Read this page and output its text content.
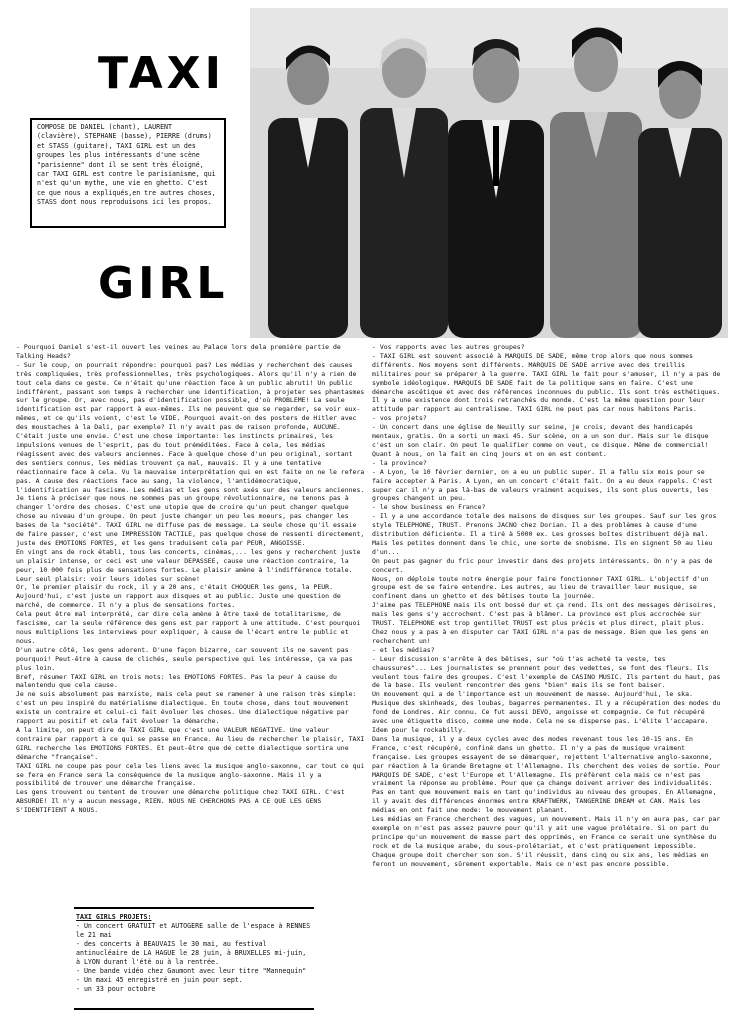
TAXI
GIRL

COMPOSE DE DANIEL (chant), LAURENT (clavière), STEPHANE (basse), PIERRE (drums) et STASS (guitare), TAXI GIRL est un des groupes les plus intéressants d'une scène "parisienne" dont il se sent très éloigné, car TAXI GIRL est contre le parisianisme, qui n'est qu'un mythe, une vie en ghetto. C'est ce que nous a expliqués,en tre autres choses, STASS dont nous reproduisons ici les propos.

- Pourquoi Daniel s'est-il ouvert les veines au Palace lors dela première partie de Talking Heads?

- Sur le coup, on pourrait répondre: pourquoi pas? Les médias y recherchent des causes très compliquées, très professionnelles, très psychologiques. Alors qu'il n'y a rien de tout cela dans ce geste. Ce n'était qu'une réaction face à un public abruti! Un public indifférent, passant son temps à rechercher une identification, à projeter ses phantasmes sur le groupe. Or, avec nous, pas d'identification possible, d'où PROBLEME! La seule identification est par rapport à eux-mêmes. Ils ne peuvent que se regarder, se voir eux-mêmes, et ce qu'ils voient, c'est le VIDE. Pourquoi avait-on des posters de Hitler avec des moustaches à la Dali, par exemple? Il n'y avait pas de raison profonde, AUCUNE. C'était juste une envie. C'est une chose importante: les instincts primaires, les impulsions venues de l'esprit, pas du tout préméditées. Face à cela, les médias réagissent avec des valeurs anciennes. Face à quelque chose d'un peu original, sortant des sentiers connus, les médias trouvent ça mal, mauvais. Il y a une tentative réactionnaire face à cela. Vu la mauvaise interprétation qui en est faite on ne le refera pas. A cause des réactions face au sang, la violence, l'antidémocratique, l'identification au fascisme. Les médias et les gens sont axés sur des valeurs anciennes.

Je tiens à préciser que nous ne sommes pas un groupe révolutionnaire, ne tenons pas à changer l'ordre des choses. C'est une utopie que de croire qu'un peut changer quelque chose au niveau d'un groupe. On peut juste changer un peu les moeurs, pas changer les bases de la "société". TAXI GIRL ne diffuse pas de message. La seule chose qu'il essaie de faire passer, c'est une IMPRESSION TACTILE, pas quelque chose de ressenti directement, juste des EMOTIONS FORTES, et les gens traduisent cela par PEUR, ANGOISSE.

En vingt ans de rock établi, tous les concerts, cinémas,... les gens y recherchent juste un plaisir intense, or ceci est une valeur DEPASSEE, cause une réaction contraire, la peur, 10 000 fois plus de sensations fortes. Le plaisir amène à l'indifférence totale. Leur seul plaisir: voir leurs idoles sur scène!

Or, le premier plaisir du rock, il y a 20 ans, c'était CHOQUER les gens, la PEUR. Aujourd'hui, c'est juste un rapport aux disques et au public. Juste une question de marché, de commerce. Il n'y a plus de sensations fortes.

Cela peut être mal interprété, car dire cela amène à être taxé de totalitarisme, de fascisme, car la seule référence des gens est par rapport à une attitude. C'est pourquoi nous multiplions les interviews pour expliquer, à cause de l'écart entre le public et nous.

D'un autre côté, les gens adorent. D'une façon bizarre, car souvent ils ne savent pas pourquoi! Peut-être à cause de clichés, seule perspective qui les intéresse, ça va pas plus loin.

Bref, résumer TAXI GIRL en trois mots: les EMOTIONS FORTES. Pas la peur à cause du malentendu que cela cause.

Je ne suis absolument pas marxiste, mais cela peut se ramener à une raison très simple: c'est un peu inspiré du matérialisme dialectique. En toute chose, dans tout mouvement existe un contraire et celui-ci fait évoluer les choses. Une dialectique négative par rapport au positif et cela fait évoluer la démarche.

A la limite, on peut dire de TAXI GIRL que c'est une VALEUR NEGATIVE. Une valeur contraire par rapport à ce qui se passe en France. Au lieu de rechercher le plaisir, TAXI GIRL recherche les EMOTIONS FORTES. Et peut-être que de cette dialectique sortira une démarche "française".

TAXI GIRL ne coupe pas pour cela les liens avec la musique anglo-saxonne, car tout ce qui se fera en France sera la conséquence de la musique anglo-saxonne. Mais il y a possibilité de trouver une démarche française.

Les gens trouvent ou tentent de trouver une démarche politique chez TAXI GIRL. C'est ABSURDE! Il n'y a aucun message, RIEN. NOUS NE CHERCHONS PAS A CE QUE LES GENS S'IDENTIFIENT A NOUS.

- Vos rapports avec les autres groupes?

- TAXI GIRL est souvent associé à MARQUIS DE SADE, même trop alors que nous sommes différents. Nos moyens sont différents. MARQUIS DE SADE arrive avec des treillis militaires pour se préparer à la guerre. TAXI GIRL le fait pour s'amuser, il n'y a pas de symbole idéologique. MARQUIS DE SADE fait de la politique sans en faire. C'est une démarche ascétique et avec des références inconnues du public. Ils sont très esthétiques. Il y a une existence dont trois retranchés du monde. C'est la même question pour leur attitude par rapport au centralisme. TAXI GIRL ne peut pas car nous habitons Paris.

- vos projets?

- Un concert dans une église de Neuilly sur seine, je crois, devant des handicapés mentaux, gratis. On a sorti un maxi 45. Sur scène, on a un son dur. Mais sur le disque c'est un son clair. On peut le qualifier comme on veut, ce disque. Même de commercial! Quant à nous, on la fait en cinq jours et on en est content.

- la province?

- A Lyon, le 10 février dernier, on a eu un public super. Il a fallu six mois pour se faire accepter à Paris. A Lyon, en un concert c'était fait. On a eu deux rappels. C'est super car il n'y a pas là-bas de valeurs vraiment acquises, ils sont plus ouverts, les groupes changent un peu.

- le show business en France?

- Il y a une accordance totale des maisons de disques sur les groupes. Sauf sur les gros style TELEPHONE, TRUST. Prenons JACNO chez Dorian. Il a des problèmes à cause d'une distribution déficiente. Il a tiré à 5000 ex. Les grosses boîtes distribuent déjà mal. Mais les petites donnent dans le chic, une sorte de snobisme. Ils en signent 50 au lieu d'un...

On peut pas gagner du fric pour investir dans des projets intéressants. On n'y a pas de concert.

Nous, on déploie toute notre énergie pour faire fonctionner TAXI GIRL. L'objectif d'un groupe est de se faire entendre. Les autres, au lieu de travailler leur musique, se confinent dans un ghetto et des bêtises toute la journée.

J'aime pas TELEPHONE mais ils ont bossé dur et ça rend. Ils ont des messages dérisoires, mais les gens s'y accrochent. C'est pas à blâmer. La province est plus accrochée sur TRUST. TELEPHONE est trop gentillet TRUST est plus précis et plus direct, plait plus. Chez nous y a pas à en disputer car TAXI GIRL n'a pas de message. Bien que les gens en recherchent un!

- et les médias?

- Leur discussion s'arrête à des bêtises, sur "où t'as acheté ta veste, tes chaussures"... Les journalistes se prennent pour des vedettes, se font des fleurs. Ils veulent tous faire des groupes. C'est l'exemple de CASINO MUSIC. Ils partent du haut, pas de la base. Ils veulent rencontrer des gens "bien" mais ils se font baiser.

Un mouvement qui a de l'importance est un mouvement de masse. Aujourd'hui, le ska. Musique des skinheads, des loubas, bagarres permanentes. Il y a récupération des modes du fond de Londres. Air connu. Ce fut aussi DEVO, angoisse et compagnie. Ce fut récupéré avec une étiquette disco, comme une mode. Cela ne se disperse pas. L'élite l'accapare. Idem pour le rockabilly.

Dans la musique, il y a deux cycles avec des modes revenant tous les 10-15 ans. En France, c'est récupéré, confiné dans un ghetto. Il n'y a pas de musique vraiment française. Les groupes essayent de se démarquer, rejettent l'alternative anglo-saxonne, par réaction à la Grande Bretagne et l'Allemagne. Ils cherchent des voies de sortie. Pour MARQUIS DE SADE, c'est l'Europe et l'Allemagne. Ils préfèrent cela mais ce n'est pas vraiment la réponse au problème. Pour que ça change doivent arriver des individualités.

Pas en tant que mouvement mais en tant qu'individus au niveau des groupes. En Allemagne, il y avait des différences énormes entre KRAFTWERK, TANGERINE DREAM et CAN. Mais les médias en ont fait une mode: le mouvement planant.

Les médias en France cherchent des vagues, un mouvement. Mais il n'y en aura pas, car par exemple on n'est pas assez pauvre pour qu'il y ait une vague prolétaire. Si on part du principe qu'un mouvement de masse part des opprimés, en France ce serait une synthèse du rock et de la musique arabe, du sous-prolétariat, et c'est pratiquement impossible.

Chaque groupe doit chercher son son. S'il réussit, dans cinq ou six ans, les médias en feront un mouvement, sûrement exportable. Mais ce n'est pas encore possible.

TAXI GIRLS PROJETS:
- Un concert GRATUIT et AUTOGERE salle de l'espace à RENNES le 21 mai
- des concerts à BEAUVAIS le 30 mai, au festival antinucléaire de LA HAGUE le 28 juin, à BRUXELLES mi-juin, à LYON durant l'été ou à la rentrée.
- Une bande vidéo chez Gaumont avec leur titre "Mannequin"
- Un maxi 45 enregistré en juin pour sept.
- un 33 pour octobre
